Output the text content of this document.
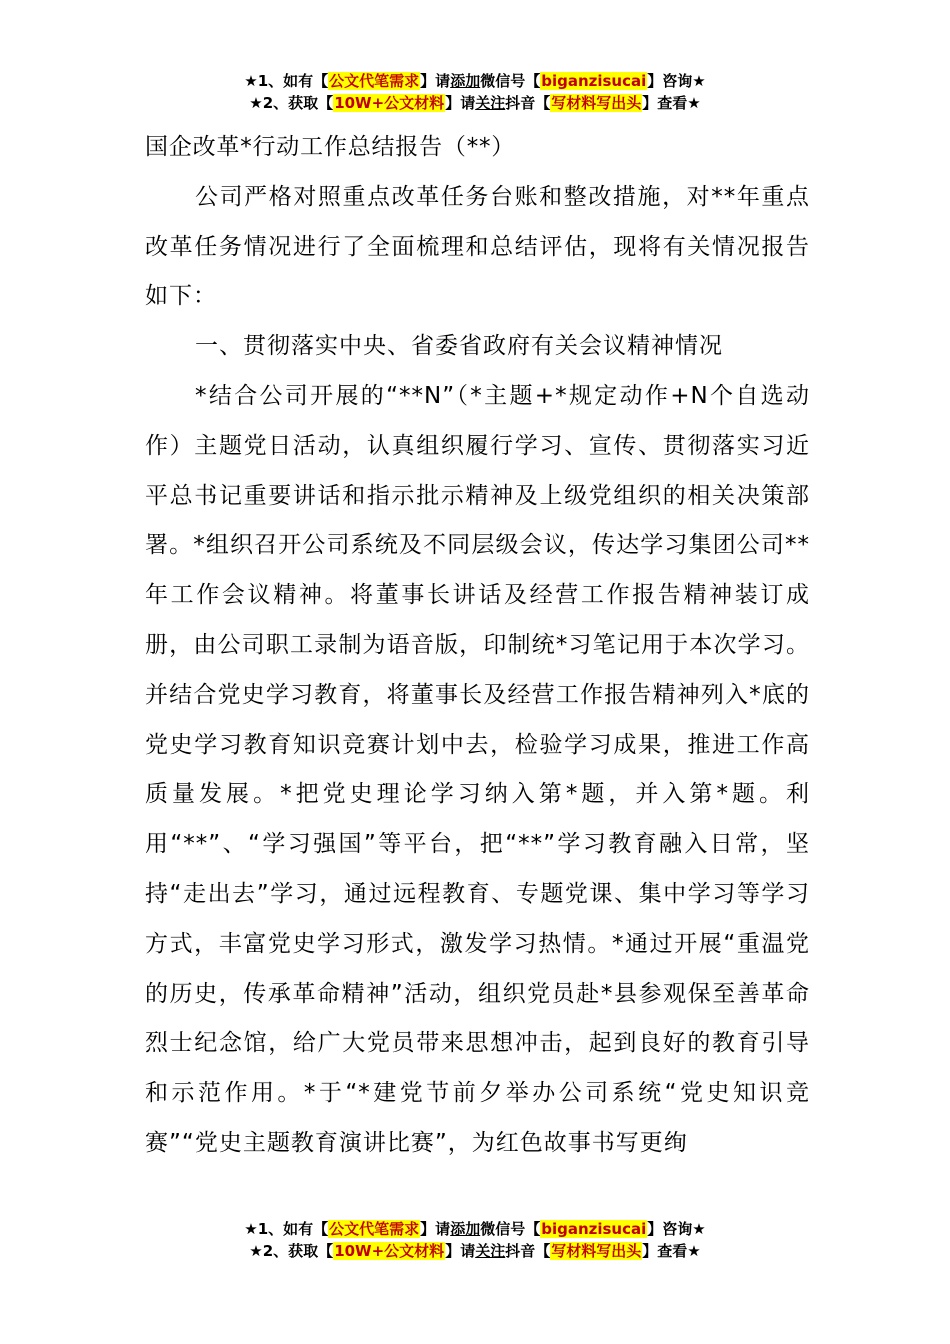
★1、如有【公文代笔需求】请添加微信号【biganzisucai】咨询★
★2、获取【10W+公文材料】请关注抖音【写材料写出头】查看★

国企改革*行动工作总结报告（**）

公司严格对照重点改革任务台账和整改措施，对**年重点改革任务情况进行了全面梳理和总结评估，现将有关情况报告如下：

一、贯彻落实中央、省委省政府有关会议精神情况

*结合公司开展的“**N”（*主题+*规定动作+N个自选动作）主题党日活动，认真组织履行学习、宣传、贯彻落实习近平总书记重要讲话和指示批示精神及上级党组织的相关决策部署。*组织召开公司系统及不同层级会议，传达学习集团公司**年工作会议精神。将董事长讲话及经营工作报告精神装订成册，由公司职工录制为语音版，印制统*习笔记用于本次学习。并结合党史学习教育，将董事长及经营工作报告精神列入*底的党史学习教育知识竞赛计划中去，检验学习成果，推进工作高质量发展。*把党史理论学习纳入第*题，并入第*题。利用“**”、“学习强国”等平台，把“**”学习教育融入日常，坚持“走出去”学习，通过远程教育、专题党课、集中学习等学习方式，丰富党史学习形式，激发学习热情。*通过开展“重温党的历史，传承革命精神”活动，组织党员赴*县参观保至善革命烈士纪念馆，给广大党员带来思想冲击，起到良好的教育引导和示范作用。*于“*建党节前夕举办公司系统“党史知识竞赛”“党史主题教育演讲比赛”，为红色故事书写更绚

★1、如有【公文代笔需求】请添加微信号【biganzisucai】咨询★
★2、获取【10W+公文材料】请关注抖音【写材料写出头】查看★
